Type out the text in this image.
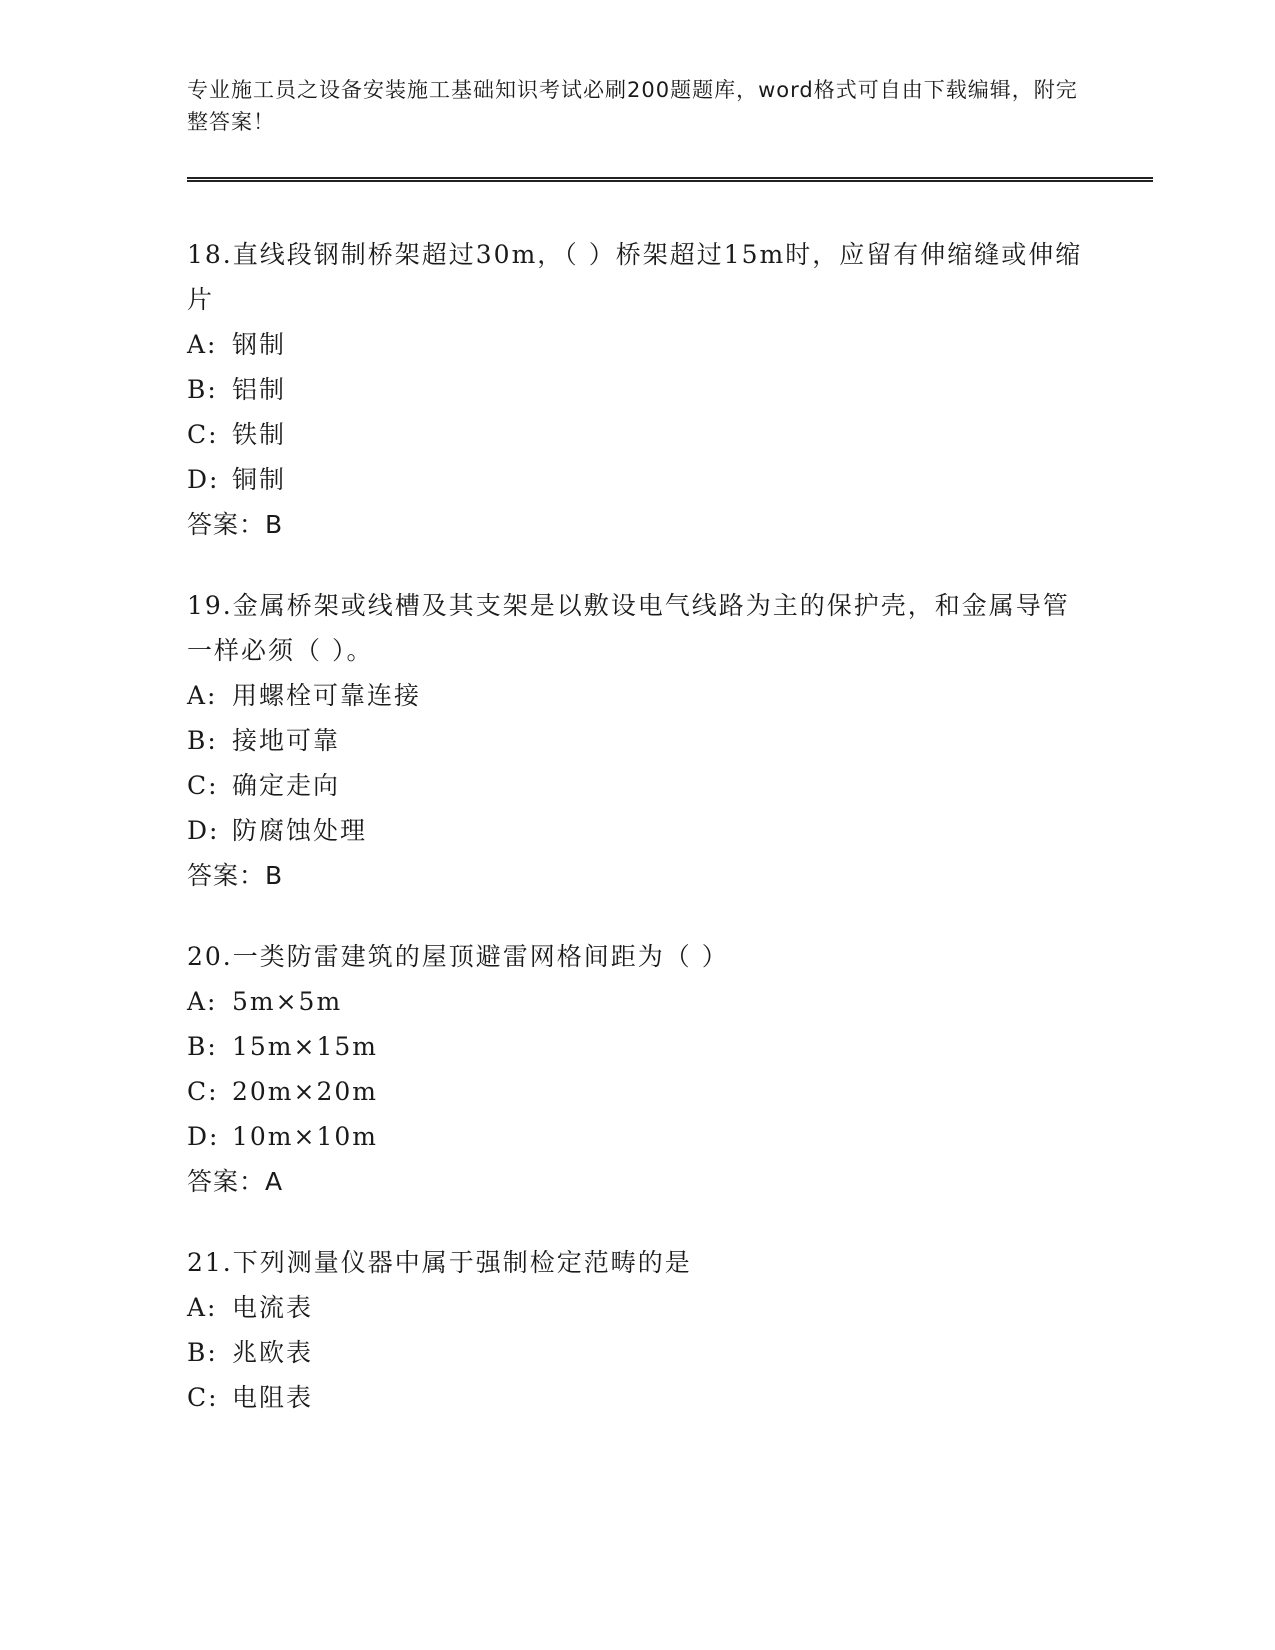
专业施工员之设备安装施工基础知识考试必刷200题题库，word格式可自由下载编辑，附完整答案！
18.直线段钢制桥架超过30m，（ ）桥架超过15m时，应留有伸缩缝或伸缩片
A: 钢制
B: 铝制
C: 铁制
D: 铜制
答案：B
19.金属桥架或线槽及其支架是以敷设电气线路为主的保护壳，和金属导管一样必须（ ）。
A: 用螺栓可靠连接
B: 接地可靠
C: 确定走向
D: 防腐蚀处理
答案：B
20.一类防雷建筑的屋顶避雷网格间距为（ ）
A: 5m×5m
B: 15m×15m
C: 20m×20m
D: 10m×10m
答案：A
21.下列测量仪器中属于强制检定范畴的是
A: 电流表
B: 兆欧表
C: 电阻表
